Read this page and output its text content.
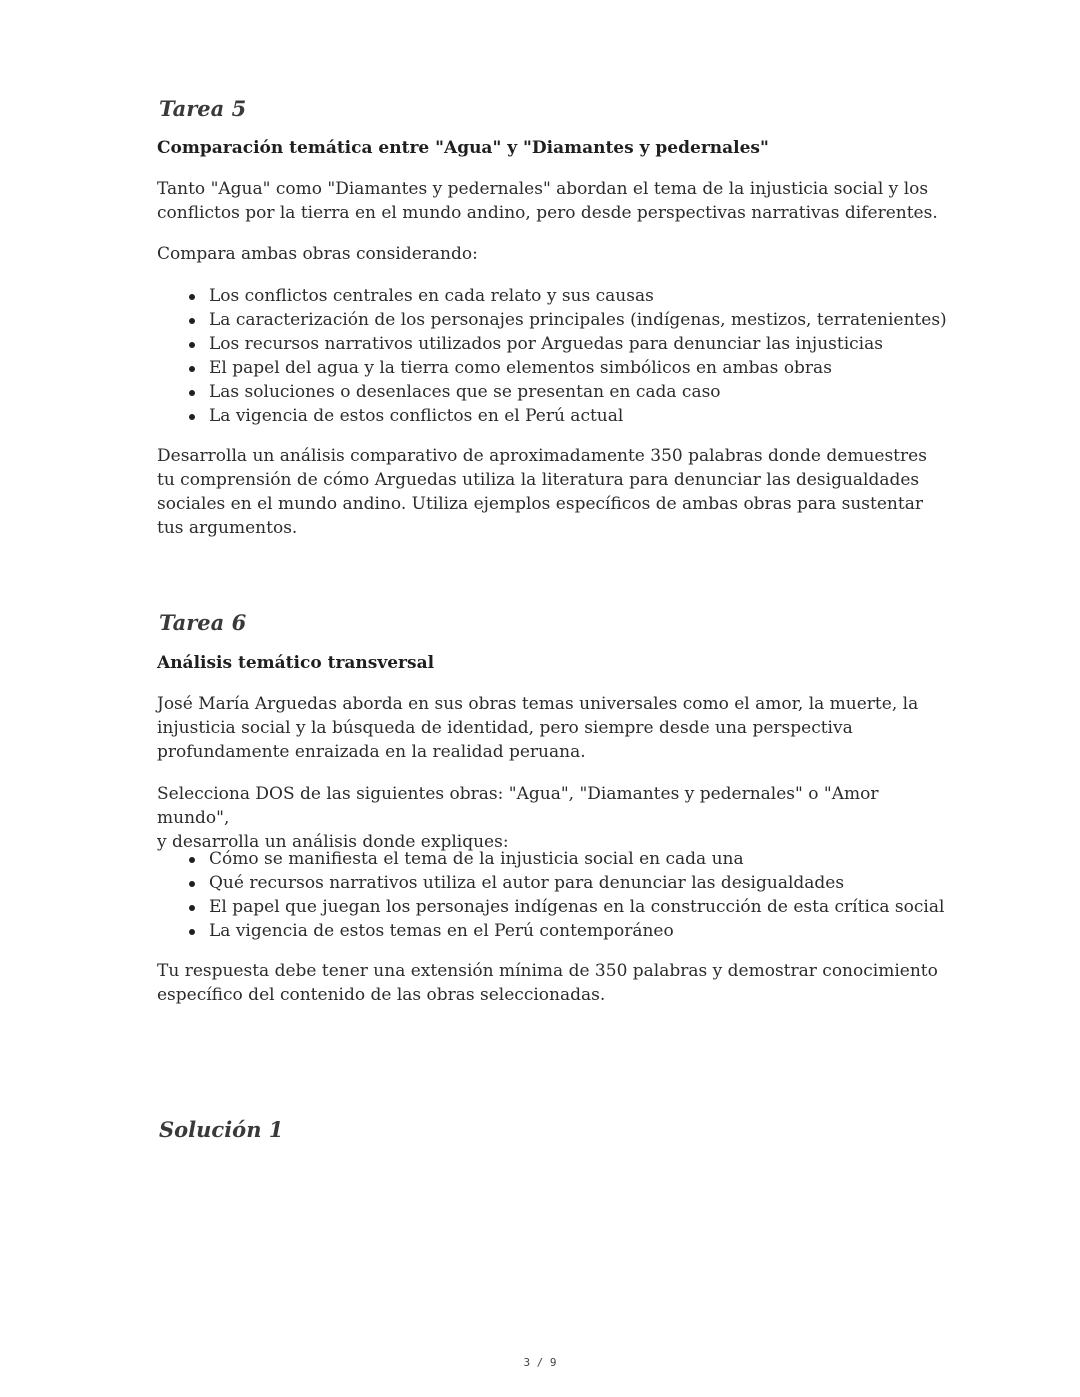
Tarea 5

Comparación temática entre "Agua" y "Diamantes y pedernales"

Tanto "Agua" como "Diamantes y pedernales" abordan el tema de la injusticia social y los
conflictos por la tierra en el mundo andino, pero desde perspectivas narrativas diferentes.

Compara ambas obras considerando:

Los conflictos centrales en cada relato y sus causas
La caracterización de los personajes principales (indígenas, mestizos, terratenientes)
Los recursos narrativos utilizados por Arguedas para denunciar las injusticias
El papel del agua y la tierra como elementos simbólicos en ambas obras
Las soluciones o desenlaces que se presentan en cada caso
La vigencia de estos conflictos en el Perú actual
Desarrolla un análisis comparativo de aproximadamente 350 palabras donde demuestres
tu comprensión de cómo Arguedas utiliza la literatura para denunciar las desigualdades
sociales en el mundo andino. Utiliza ejemplos específicos de ambas obras para sustentar
tus argumentos.
Tarea 6

Análisis temático transversal

José María Arguedas aborda en sus obras temas universales como el amor, la muerte, la
injusticia social y la búsqueda de identidad, pero siempre desde una perspectiva
profundamente enraizada en la realidad peruana.
Selecciona DOS de las siguientes obras: "Agua", "Diamantes y pedernales" o "Amor mundo",
y desarrolla un análisis donde expliques:
Cómo se manifiesta el tema de la injusticia social en cada una
Qué recursos narrativos utiliza el autor para denunciar las desigualdades
El papel que juegan los personajes indígenas en la construcción de esta crítica social
La vigencia de estos temas en el Perú contemporáneo
Tu respuesta debe tener una extensión mínima de 350 palabras y demostrar conocimiento
específico del contenido de las obras seleccionadas.
Solución 1
3 / 9
